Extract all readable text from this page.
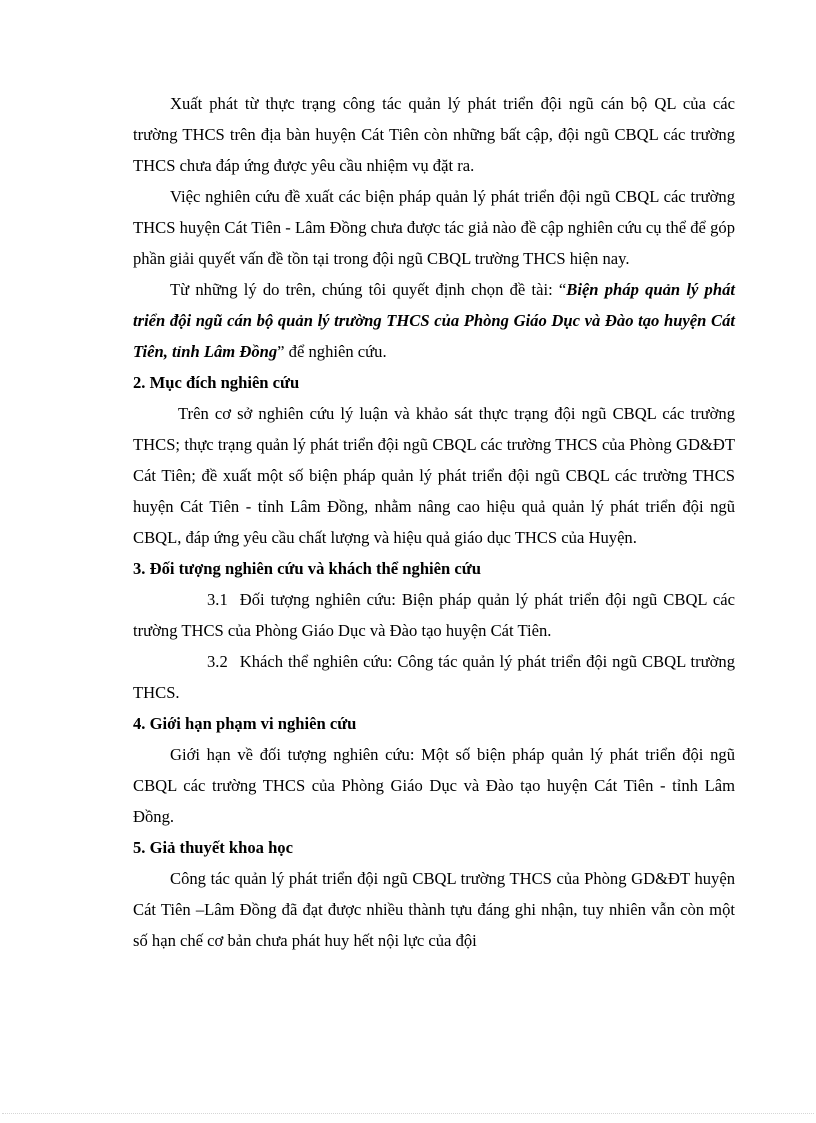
Xuất phát từ thực trạng công tác quản lý phát triển đội ngũ cán bộ QL của các trường THCS trên địa bàn huyện Cát Tiên còn những bất cập, đội ngũ CBQL các trường THCS chưa đáp ứng được yêu cầu nhiệm vụ đặt ra.

Việc nghiên cứu đề xuất các biện pháp quản lý phát triển đội ngũ CBQL các trường THCS huyện Cát Tiên - Lâm Đồng chưa được tác giả nào đề cập nghiên cứu cụ thể để góp phần giải quyết vấn đề tồn tại trong đội ngũ CBQL trường THCS hiện nay.

Từ những lý do trên, chúng tôi quyết định chọn đề tài: “Biện pháp quản lý phát triển đội ngũ cán bộ quản lý trường THCS của Phòng Giáo Dục và Đào tạo huyện Cát Tiên, tỉnh Lâm Đồng” để nghiên cứu.

2. Mục đích nghiên cứu

Trên cơ sở nghiên cứu lý luận và khảo sát thực trạng đội ngũ CBQL các trường THCS; thực trạng quản lý phát triển đội ngũ CBQL các trường THCS của Phòng GD&ĐT Cát Tiên; đề xuất một số biện pháp quản lý phát triển đội ngũ CBQL các trường THCS huyện Cát Tiên - tỉnh Lâm Đồng, nhằm nâng cao hiệu quả quản lý phát triển đội ngũ CBQL, đáp ứng yêu cầu chất lượng và hiệu quả giáo dục THCS của Huyện.

3. Đối tượng nghiên cứu và khách thể nghiên cứu

3.1 Đối tượng nghiên cứu: Biện pháp quản lý phát triển đội ngũ CBQL các trường THCS của Phòng Giáo Dục và Đào tạo huyện Cát Tiên.

3.2 Khách thể nghiên cứu: Công tác quản lý phát triển đội ngũ CBQL trường THCS.

4. Giới hạn phạm vi nghiên cứu

Giới hạn về đối tượng nghiên cứu: Một số biện pháp quản lý phát triển đội ngũ CBQL các trường THCS của Phòng Giáo Dục và Đào tạo huyện Cát Tiên - tỉnh Lâm Đồng.

5. Giả thuyết khoa học

Công tác quản lý phát triển đội ngũ CBQL trường THCS của Phòng GD&ĐT huyện Cát Tiên –Lâm Đồng đã đạt được nhiều thành tựu đáng ghi nhận, tuy nhiên vẫn còn một số hạn chế cơ bản chưa phát huy hết nội lực của đội
